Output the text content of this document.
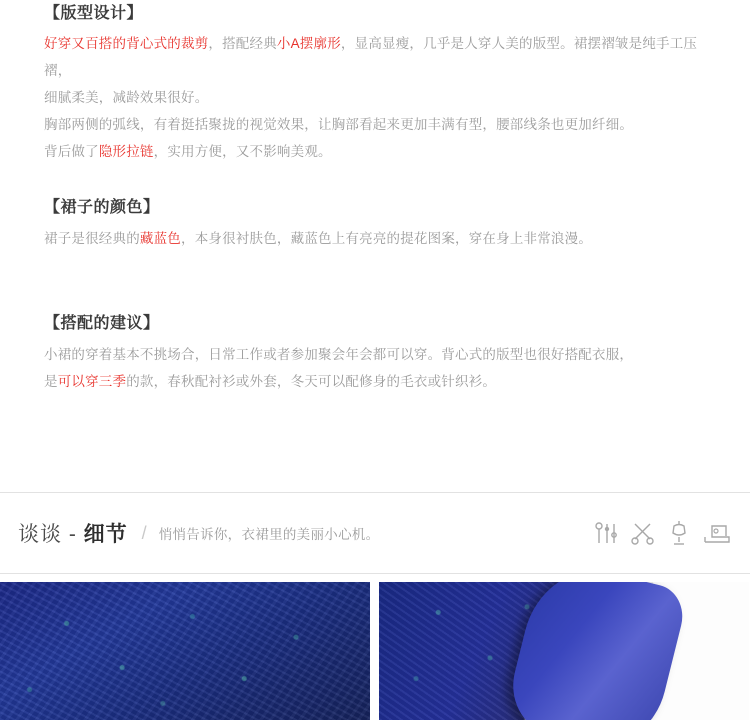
【版型设计】

好穿又百搭的背心式的裁剪，搭配经典小A摆廓形，显高显瘦，几乎是人穿人美的版型。裙摆褶皱是纯手工压褶，

细腻柔美，减龄效果很好。

胸部两侧的弧线，有着挺括聚拢的视觉效果，让胸部看起来更加丰满有型，腰部线条也更加纤细。

背后做了隐形拉链，实用方便，又不影响美观。

【裙子的颜色】

裙子是很经典的藏蓝色，本身很衬肤色，藏蓝色上有亮亮的提花图案，穿在身上非常浪漫。

【搭配的建议】

小裙的穿着基本不挑场合，日常工作或者参加聚会年会都可以穿。背心式的版型也很好搭配衣服，

是可以穿三季的款，春秋配衬衫或外套，冬天可以配修身的毛衣或针织衫。

谈谈 - 细节 / 悄悄告诉你，衣裙里的美丽小心机。
